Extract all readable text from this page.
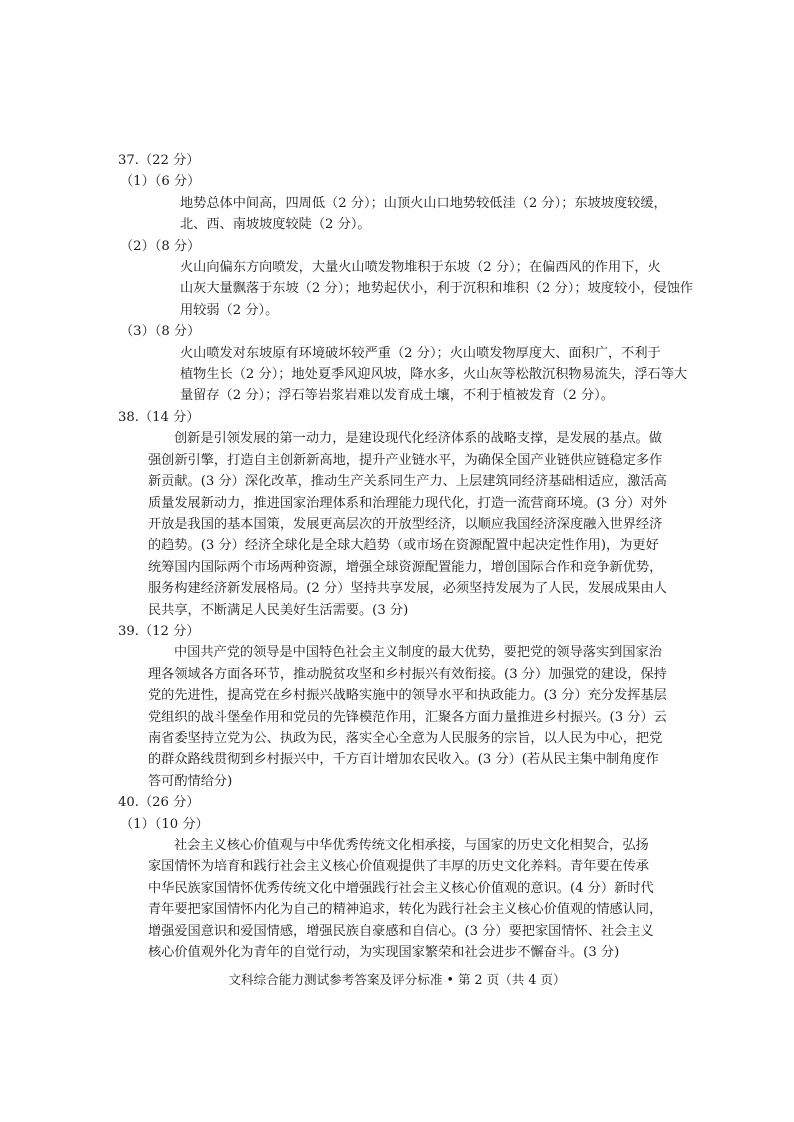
37.（22 分）
（1）（6 分）
地势总体中间高，四周低（2 分）；山顶火山口地势较低洼（2 分）；东坡坡度较缓，
北、西、南坡坡度较陡（2 分）。
（2）（8 分）
火山向偏东方向喷发，大量火山喷发物堆积于东坡（2 分）；在偏西风的作用下，火
山灰大量飘落于东坡（2 分）；地势起伏小，利于沉积和堆积（2 分）；坡度较小，侵蚀作
用较弱（2 分）。
（3）（8 分）
火山喷发对东坡原有环境破坏较严重（2 分）；火山喷发物厚度大、面积广，不利于
植物生长（2 分）；地处夏季风迎风坡，降水多，火山灰等松散沉积物易流失，浮石等大
量留存（2 分）；浮石等岩浆岩难以发育成土壤，不利于植被发育（2 分）。
38.（14 分）
创新是引领发展的第一动力，是建设现代化经济体系的战略支撑，是发展的基点。做
强创新引擎，打造自主创新新高地，提升产业链水平，为确保全国产业链供应链稳定多作
新贡献。(3 分）深化改革，推动生产关系同生产力、上层建筑同经济基础相适应，激活高
质量发展新动力，推进国家治理体系和治理能力现代化，打造一流营商环境。(3 分）对外
开放是我国的基本国策，发展更高层次的开放型经济，以顺应我国经济深度融入世界经济
的趋势。(3 分）经济全球化是全球大趋势（或市场在资源配置中起决定性作用)，为更好
统筹国内国际两个市场两种资源，增强全球资源配置能力，增创国际合作和竞争新优势，
服务构建经济新发展格局。(2 分）坚持共享发展，必须坚持发展为了人民，发展成果由人
民共享，不断满足人民美好生活需要。(3 分)
39.（12 分）
中国共产党的领导是中国特色社会主义制度的最大优势，要把党的领导落实到国家治
理各领域各方面各环节，推动脱贫攻坚和乡村振兴有效衔接。(3 分）加强党的建设，保持
党的先进性，提高党在乡村振兴战略实施中的领导水平和执政能力。(3 分）充分发挥基层
党组织的战斗堡垒作用和党员的先锋模范作用，汇聚各方面力量推进乡村振兴。(3 分）云
南省委坚持立党为公、执政为民，落实全心全意为人民服务的宗旨，以人民为中心，把党
的群众路线贯彻到乡村振兴中，千方百计增加农民收入。(3 分）(若从民主集中制角度作
答可酌情给分)
40.（26 分）
（1）（10 分）
社会主义核心价值观与中华优秀传统文化相承接，与国家的历史文化相契合，弘扬
家国情怀为培育和践行社会主义核心价值观提供了丰厚的历史文化养料。青年要在传承
中华民族家国情怀优秀传统文化中增强践行社会主义核心价值观的意识。(4 分）新时代
青年要把家国情怀内化为自己的精神追求，转化为践行社会主义核心价值观的情感认同，
增强爱国意识和爱国情感，增强民族自豪感和自信心。(3 分）要把家国情怀、社会主义
核心价值观外化为青年的自觉行动，为实现国家繁荣和社会进步不懈奋斗。(3 分)
文科综合能力测试参考答案及评分标准 • 第 2 页（共 4 页）
